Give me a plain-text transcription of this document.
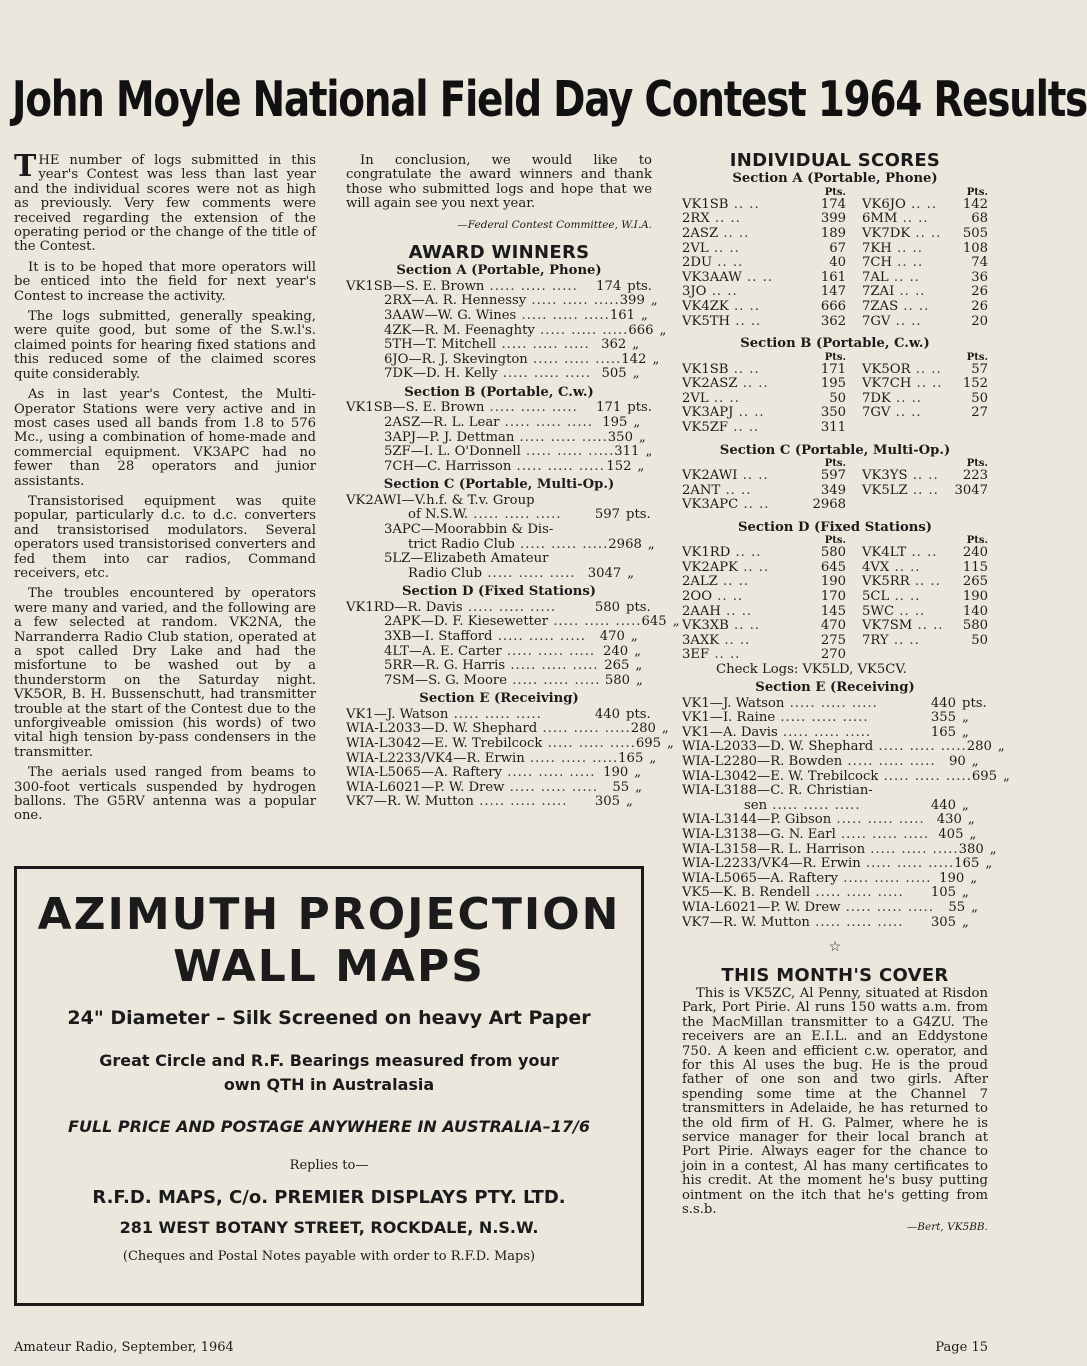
John Moyle National Field Day Contest 1964 Results
THE number of logs submitted in this year's Contest was less than last year and the individual scores were not as high as previously. Very few comments were received regarding the extension of the operating period or the change of the title of the Contest.
It is to be hoped that more operators will be enticed into the field for next year's Contest to increase the activity.
The logs submitted, generally speaking, were quite good, but some of the S.w.l's. claimed points for hearing fixed stations and this reduced some of the claimed scores quite considerably.
As in last year's Contest, the Multi-Operator Stations were very active and in most cases used all bands from 1.8 to 576 Mc., using a combination of home-made and commercial equipment. VK3APC had no fewer than 28 operators and junior assistants.
Transistorised equipment was quite popular, particularly d.c. to d.c. converters and transistorised modulators. Several operators used transistorised converters and fed them into car radios, Command receivers, etc.
The troubles encountered by operators were many and varied, and the following are a few selected at random. VK2NA, the Narranderra Radio Club station, operated at a spot called Dry Lake and had the misfortune to be washed out by a thunderstorm on the Saturday night. VK5OR, B. H. Bussenschutt, had transmitter trouble at the start of the Contest due to the unforgiveable omission (his words) of two vital high tension by-pass condensers in the transmitter.
The aerials used ranged from beams to 300-foot verticals suspended by hydrogen ballons. The G5RV antenna was a popular one.
In conclusion, we would like to congratulate the award winners and thank those who submitted logs and hope that we will again see you next year.
—Federal Contest Committee, W.I.A.
AWARD WINNERS
Section A (Portable, Phone)
VK1SB—S. E. Brown ..... ..... .....	174 pts.
2RX—A. R. Hennessy ..... ..... ..... 399 „
3AAW—W. G. Wines ..... ..... ..... 161 „
4ZK—R. M. Feenaghty ..... ..... ..... 666 „
5TH—T. Mitchell ..... ..... ..... 362 „
6JO—R. J. Skevington ..... ..... ..... 142 „
7DK—D. H. Kelly ..... ..... ..... 505 „
Section B (Portable, C.w.)
VK1SB—S. E. Brown ..... ..... .....	171 pts.
2ASZ—R. L. Lear ..... ..... ..... 195 „
3APJ—P. J. Dettman ..... ..... ..... 350 „
5ZF—I. L. O'Donnell ..... ..... ..... 311 „
7CH—C. Harrisson ..... ..... ..... 152 „
Section C (Portable, Multi-Op.)
VK2AWI—V.h.f. & T.v. Group
of N.S.W. ..... ..... .....	597 pts.
3APC—Moorabbin & Dis-
trict Radio Club ..... ..... ..... 2968 „
5LZ—Elizabeth Amateur
Radio Club ..... ..... ..... 3047 „
Section D (Fixed Stations)
VK1RD—R. Davis ..... ..... .....	580 pts.
2APK—D. F. Kiesewetter ..... ..... ..... 645 „
3XB—I. Stafford ..... ..... .....	470 „
4LT—A. E. Carter ..... ..... ..... 240 „
5RR—R. G. Harris ..... ..... ..... 265 „
7SM—S. G. Moore ..... ..... ..... 580 „
Section E (Receiving)
VK1—J. Watson ..... ..... .....	440 pts.
WIA-L2033—D. W. Shephard ..... ..... ..... 280 „
WIA-L3042—E. W. Trebilcock ..... ..... ..... 695 „
WIA-L2233/VK4—R. Erwin ..... ..... ..... 165 „
WIA-L5065—A. Raftery ..... ..... ..... 190 „
WIA-L6021—P. W. Drew ..... ..... .....	55 „
VK7—R. W. Mutton ..... ..... .....	305 „
INDIVIDUAL SCORES
Section A (Portable, Phone)
	Pts.		Pts.
VK1SB .. ..	174	VK6JO .. ..	142
2RX .. ..	399	6MM .. ..	68
2ASZ .. ..	189	VK7DK .. ..	505
2VL .. ..	67	7KH .. ..	108
2DU .. ..	40	7CH .. ..	74
VK3AAW .. ..	161	7AL .. ..	36
3JO .. ..	147	7ZAI .. ..	26
VK4ZK .. ..	666	7ZAS .. ..	26
VK5TH .. ..	362	7GV .. ..	20
Section B (Portable, C.w.)
	Pts.		Pts.
VK1SB .. ..	171	VK5OR .. ..	57
VK2ASZ .. ..	195	VK7CH .. ..	152
2VL .. ..	50	7DK .. ..	50
VK3APJ .. ..	350	7GV .. ..	27
VK5ZF .. ..	311		
Section C (Portable, Multi-Op.)
	Pts.		Pts.
VK2AWI .. ..	597	VK3YS .. ..	223
2ANT .. ..	349	VK5LZ .. ..	3047
VK3APC .. ..	2968		
Section D (Fixed Stations)
	Pts.		Pts.
VK1RD .. ..	580	VK4LT .. ..	240
VK2APK .. ..	645	4VX .. ..	115
2ALZ .. ..	190	VK5RR .. ..	265
2OO .. ..	170	5CL .. ..	190
2AAH .. ..	145	5WC .. ..	140
VK3XB .. ..	470	VK7SM .. ..	580
3AXK .. ..	275	7RY .. ..	50
3EF .. ..	270		
Check Logs: VK5LD, VK5CV.
Section E (Receiving)
VK1—J. Watson ..... ..... .....	440 pts.
VK1—I. Raine ..... ..... .....	355 „
VK1—A. Davis ..... ..... .....	165 „
WIA-L2033—D. W. Shephard ..... ..... ..... 280 „
WIA-L2280—R. Bowden ..... ..... .....	90 „
WIA-L3042—E. W. Trebilcock ..... ..... ..... 695 „
WIA-L3188—C. R. Christian-
sen ..... ..... .....	440 „
WIA-L3144—P. Gibson ..... ..... ..... 430 „
WIA-L3138—G. N. Earl ..... ..... ..... 405 „
WIA-L3158—R. L. Harrison ..... ..... ..... 380 „
WIA-L2233/VK4—R. Erwin ..... ..... ..... 165 „
WIA-L5065—A. Raftery ..... ..... ..... 190 „
VK5—K. B. Rendell ..... ..... .....	105 „
WIA-L6021—P. W. Drew ..... ..... .....	55 „
VK7—R. W. Mutton ..... ..... .....	305 „
☆
THIS MONTH'S COVER
This is VK5ZC, Al Penny, situated at Risdon Park, Port Pirie. Al runs 150 watts a.m. from the MacMillan transmitter to a G4ZU. The receivers are an E.I.L. and an Eddystone 750. A keen and efficient c.w. operator, and for this Al uses the bug. He is the proud father of one son and two girls. After spending some time at the Channel 7 transmitters in Adelaide, he has returned to the old firm of H. G. Palmer, where he is service manager for their local branch at Port Pirie. Always eager for the chance to join in a contest, Al has many certificates to his credit. At the moment he's busy putting ointment on the itch that he's getting from s.s.b.
—Bert, VK5BB.
AZIMUTH PROJECTION
WALL MAPS
24" Diameter – Silk Screened on heavy Art Paper
Great Circle and R.F. Bearings measured from your
own QTH in Australasia
FULL PRICE AND POSTAGE ANYWHERE IN AUSTRALIA–17/6
Replies to—
R.F.D. MAPS, C/o. PREMIER DISPLAYS PTY. LTD.
281 WEST BOTANY STREET, ROCKDALE, N.S.W.
(Cheques and Postal Notes payable with order to R.F.D. Maps)
Amateur Radio, September, 1964	Page 15
